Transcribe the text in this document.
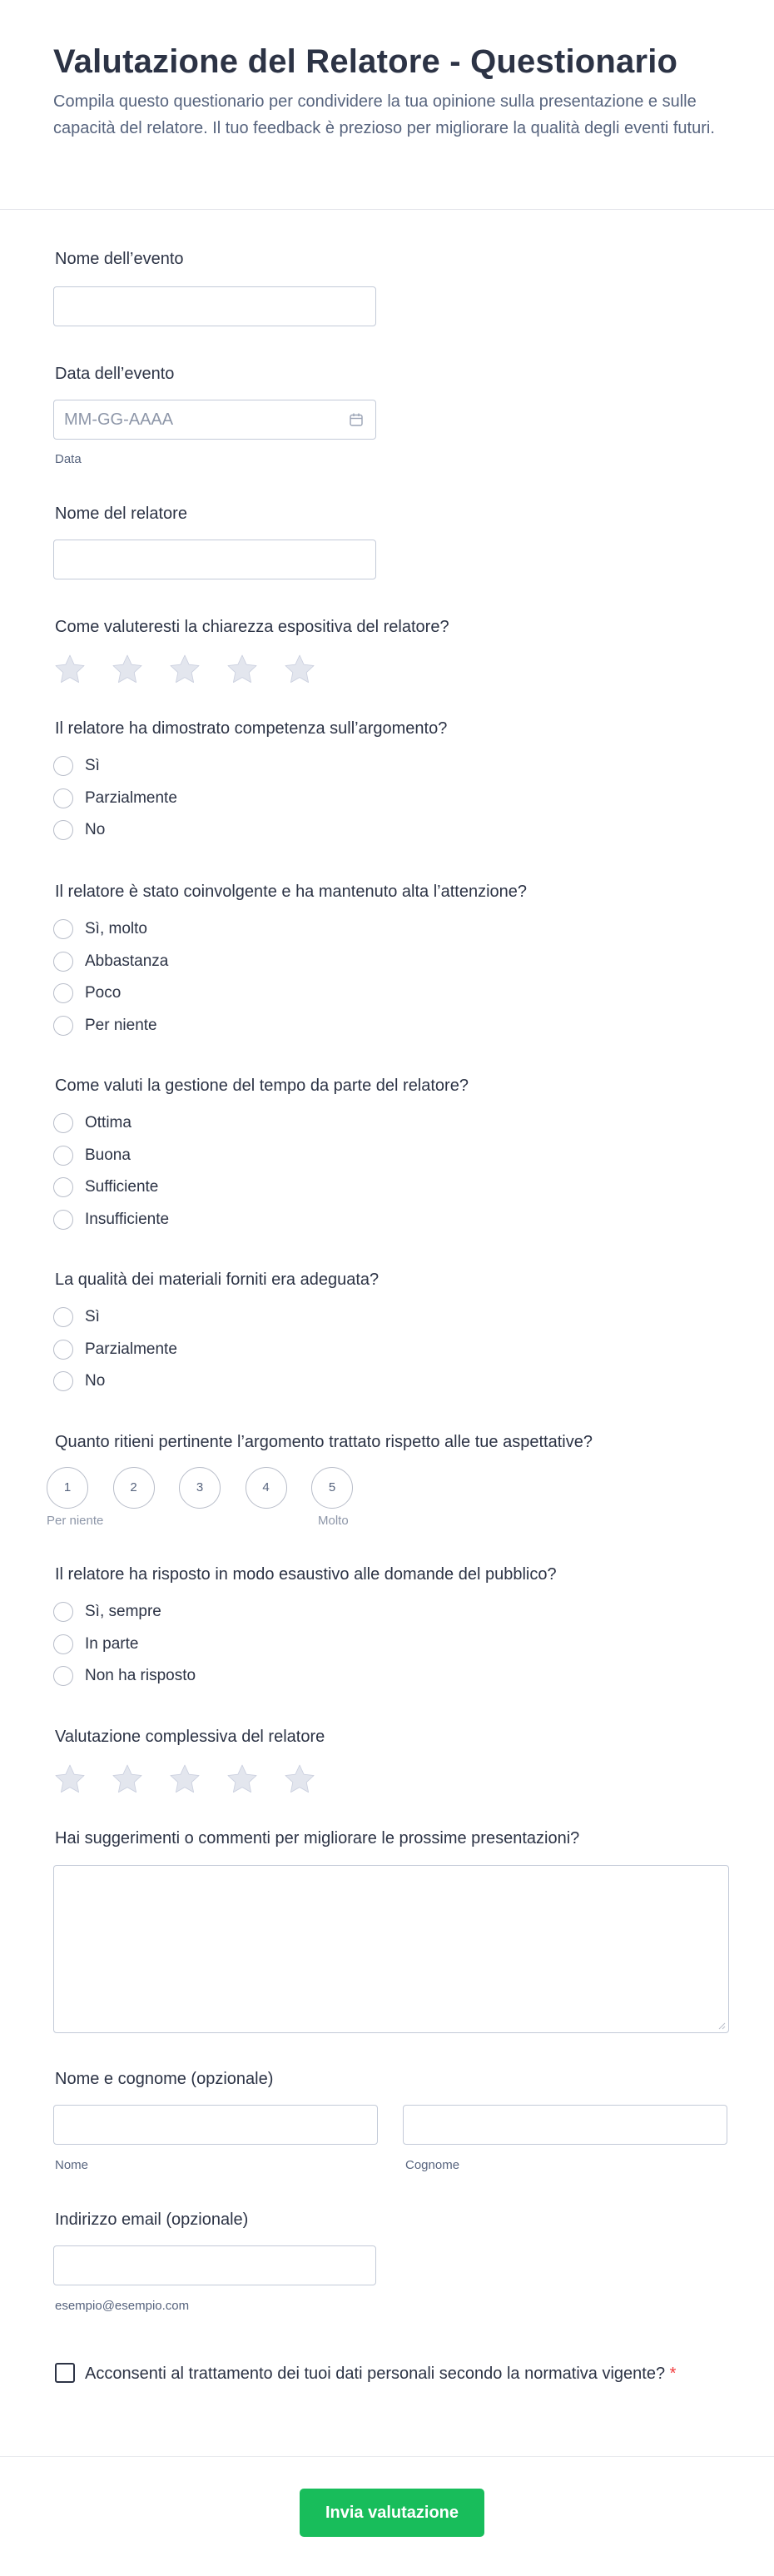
Valutazione del Relatore - Questionario

Compila questo questionario per condividere la tua opinione sulla presentazione e sulle capacità del relatore. Il tuo feedback è prezioso per migliorare la qualità degli eventi futuri.

Nome dell’evento
Data dell’evento
MM-GG-AAAA
Data
Nome del relatore
Come valuteresti la chiarezza espositiva del relatore?
Il relatore ha dimostrato competenza sull’argomento?
Sì
Parzialmente
No
Il relatore è stato coinvolgente e ha mantenuto alta l’attenzione?
Sì, molto
Abbastanza
Poco
Per niente
Come valuti la gestione del tempo da parte del relatore?
Ottima
Buona
Sufficiente
Insufficiente
La qualità dei materiali forniti era adeguata?
Sì
Parzialmente
No
Quanto ritieni pertinente l’argomento trattato rispetto alle tue aspettative?
1	2	3	4	5
Per niente	Molto
Il relatore ha risposto in modo esaustivo alle domande del pubblico?
Sì, sempre
In parte
Non ha risposto
Valutazione complessiva del relatore
Hai suggerimenti o commenti per migliorare le prossime presentazioni?
Nome e cognome (opzionale)
Nome	Cognome
Indirizzo email (opzionale)
esempio@esempio.com
Acconsenti al trattamento dei tuoi dati personali secondo la normativa vigente? *
Invia valutazione
